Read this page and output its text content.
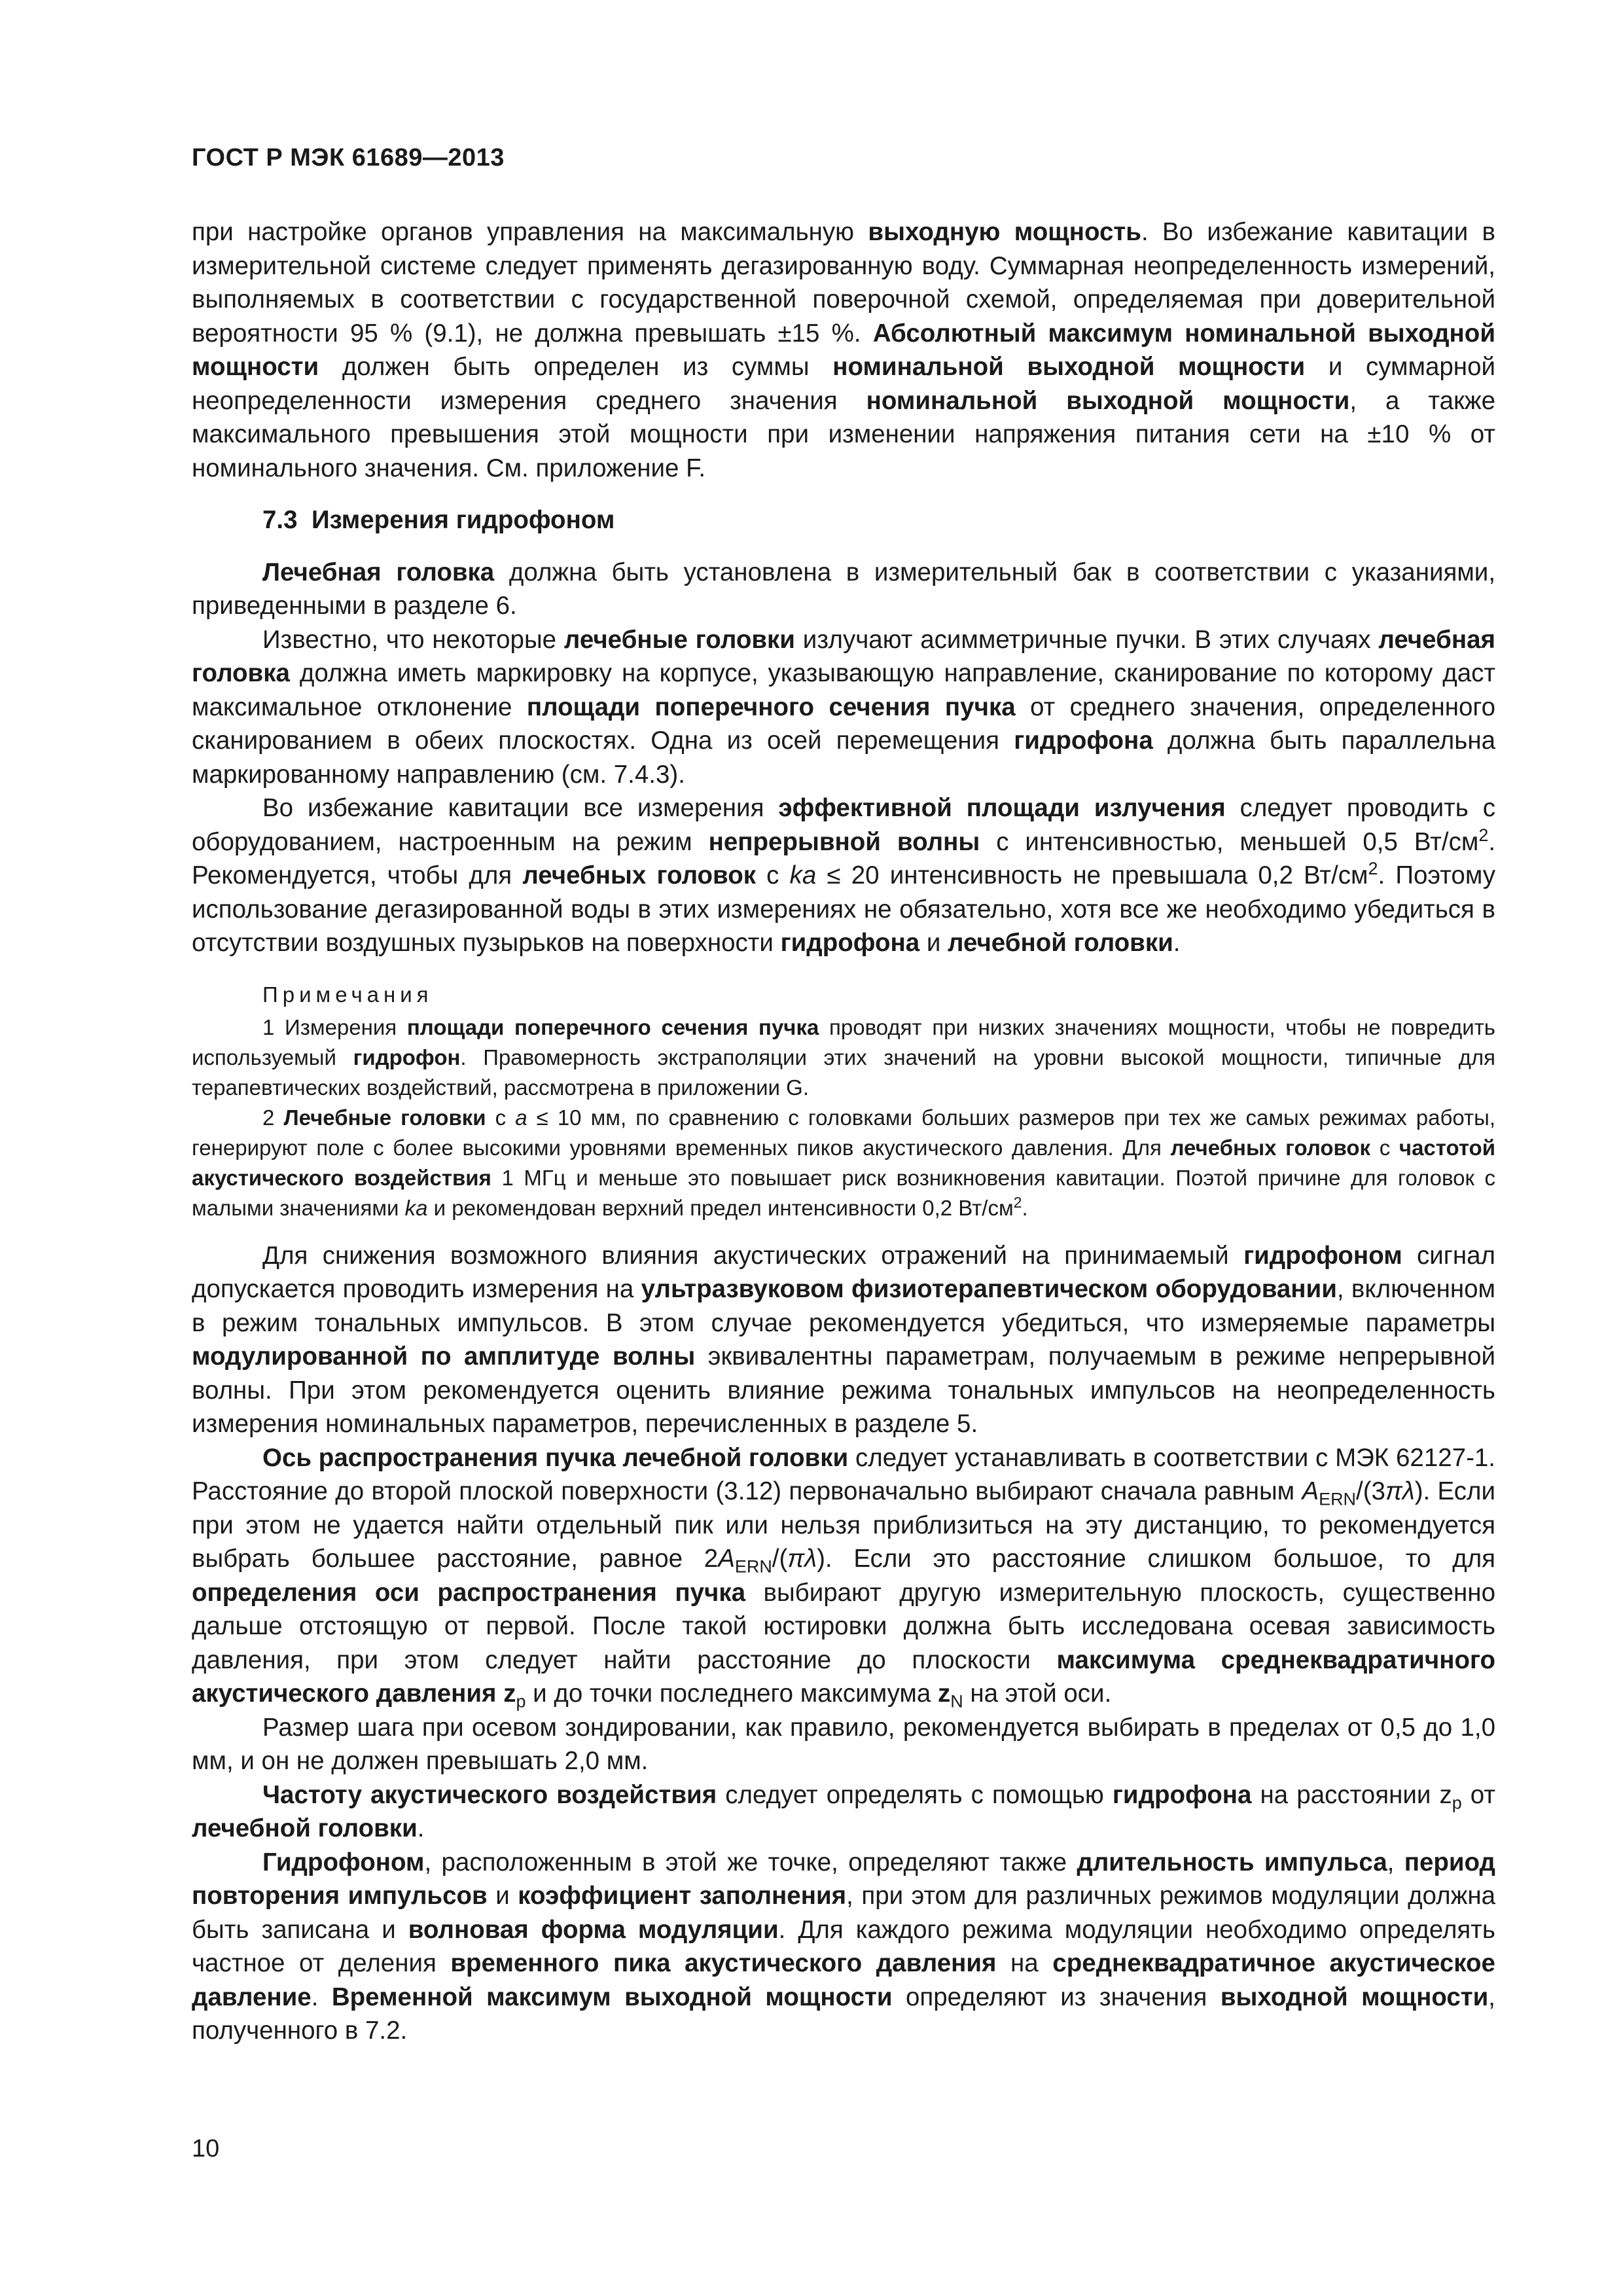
ГОСТ Р МЭК 61689—2013

при настройке органов управления на максимальную выходную мощность. Во избежание кавитации в измерительной системе следует применять дегазированную воду. Суммарная неопределенность измерений, выполняемых в соответствии с государственной поверочной схемой, определяемая при доверительной вероятности 95 % (9.1), не должна превышать ±15 %. Абсолютный максимум номинальной выходной мощности должен быть определен из суммы номинальной выходной мощности и суммарной неопределенности измерения среднего значения номинальной выходной мощности, а также максимального превышения этой мощности при изменении напряжения питания сети на ±10 % от номинального значения. См. приложение F.

7.3 Измерения гидрофоном

Лечебная головка должна быть установлена в измерительный бак в соответствии с указаниями, приведенными в разделе 6.

Известно, что некоторые лечебные головки излучают асимметричные пучки. В этих случаях лечебная головка должна иметь маркировку на корпусе, указывающую направление, сканирование по которому даст максимальное отклонение площади поперечного сечения пучка от среднего значения, определенного сканированием в обеих плоскостях. Одна из осей перемещения гидрофона должна быть параллельна маркированному направлению (см. 7.4.3).

Во избежание кавитации все измерения эффективной площади излучения следует проводить с оборудованием, настроенным на режим непрерывной волны с интенсивностью, меньшей 0,5 $Вт/см^2$. Рекомендуется, чтобы для лечебных головок с ka ≤ 20 интенсивность не превышала 0,2 $Вт/см^2$. Поэтому использование дегазированной воды в этих измерениях не обязательно, хотя все же необходимо убедиться в отсутствии воздушных пузырьков на поверхности гидрофона и лечебной головки.

Примечания

1 Измерения площади поперечного сечения пучка проводят при низких значениях мощности, чтобы не повредить используемый гидрофон. Правомерность экстраполяции этих значений на уровни высокой мощности, типичные для терапевтических воздействий, рассмотрена в приложении G.

2 Лечебные головки с a ≤ 10 мм, по сравнению с головками больших размеров при тех же самых режимах работы, генерируют поле с более высокими уровнями временных пиков акустического давления. Для лечебных головок с частотой акустического воздействия 1 МГц и меньше это повышает риск возникновения кавитации. Поэтой причине для головок с малыми значениями ka и рекомендован верхний предел интенсивности 0,2 $Вт/см^2$.

Для снижения возможного влияния акустических отражений на принимаемый гидрофоном сигнал допускается проводить измерения на ультразвуковом физиотерапевтическом оборудовании, включенном в режим тональных импульсов. В этом случае рекомендуется убедиться, что измеряемые параметры модулированной по амплитуде волны эквивалентны параметрам, получаемым в режиме непрерывной волны. При этом рекомендуется оценить влияние режима тональных импульсов на неопределенность измерения номинальных параметров, перечисленных в разделе 5.

Ось распространения пучка лечебной головки следует устанавливать в соответствии с МЭК 62127-1. Расстояние до второй плоской поверхности (3.12) первоначально выбирают сначала равным $A_{ERN}/(3\pi\lambda)$. Если при этом не удается найти отдельный пик или нельзя приблизиться на эту дистанцию, то рекомендуется выбрать большее расстояние, равное $2A_{ERN}/(\pi\lambda)$. Если это расстояние слишком большое, то для определения оси распространения пучка выбирают другую измерительную плоскость, существенно дальше отстоящую от первой. После такой юстировки должна быть исследована осевая зависимость давления, при этом следует найти расстояние до плоскости максимума среднеквадратичного акустического давления $z_p$ и до точки последнего максимума $z_N$ на этой оси.

Размер шага при осевом зондировании, как правило, рекомендуется выбирать в пределах от 0,5 до 1,0 мм, и он не должен превышать 2,0 мм.

Частоту акустического воздействия следует определять с помощью гидрофона на расстоянии $z_p$ от лечебной головки.

Гидрофоном, расположенным в этой же точке, определяют также длительность импульса, период повторения импульсов и коэффициент заполнения, при этом для различных режимов модуляции должна быть записана и волновая форма модуляции. Для каждого режима модуляции необходимо определять частное от деления временного пика акустического давления на среднеквадратичное акустическое давление. Временной максимум выходной мощности определяют из значения выходной мощности, полученного в 7.2.

10
